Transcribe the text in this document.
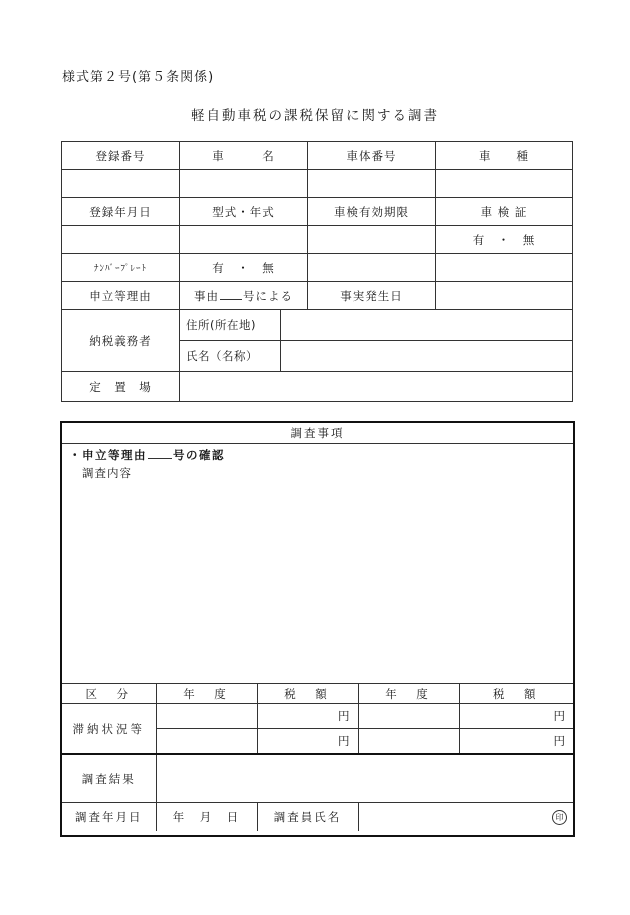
様式第２号(第５条関係)
軽自動車税の課税保留に関する調書
登録番号	車　　　名	車体番号	車　　種

登録年月日	型式・年式	車検有効期限	車 検 証
			有　・　無
ﾅﾝﾊﾞｰﾌﾟﾚｰﾄ	有　・　無		
申立等理由	事由 号による	事実発生日	
納税義務者	住所(所在地)		

	氏名（名称）		

定　置　場			
調査事項
・申立等理由 号の確認
調査内容
区　分	年　度	税　額	年　度	税　額
滞納状況等		円		円
		円		円
調査結果				
調査年月日	年　月　日	調査員氏名	印	
